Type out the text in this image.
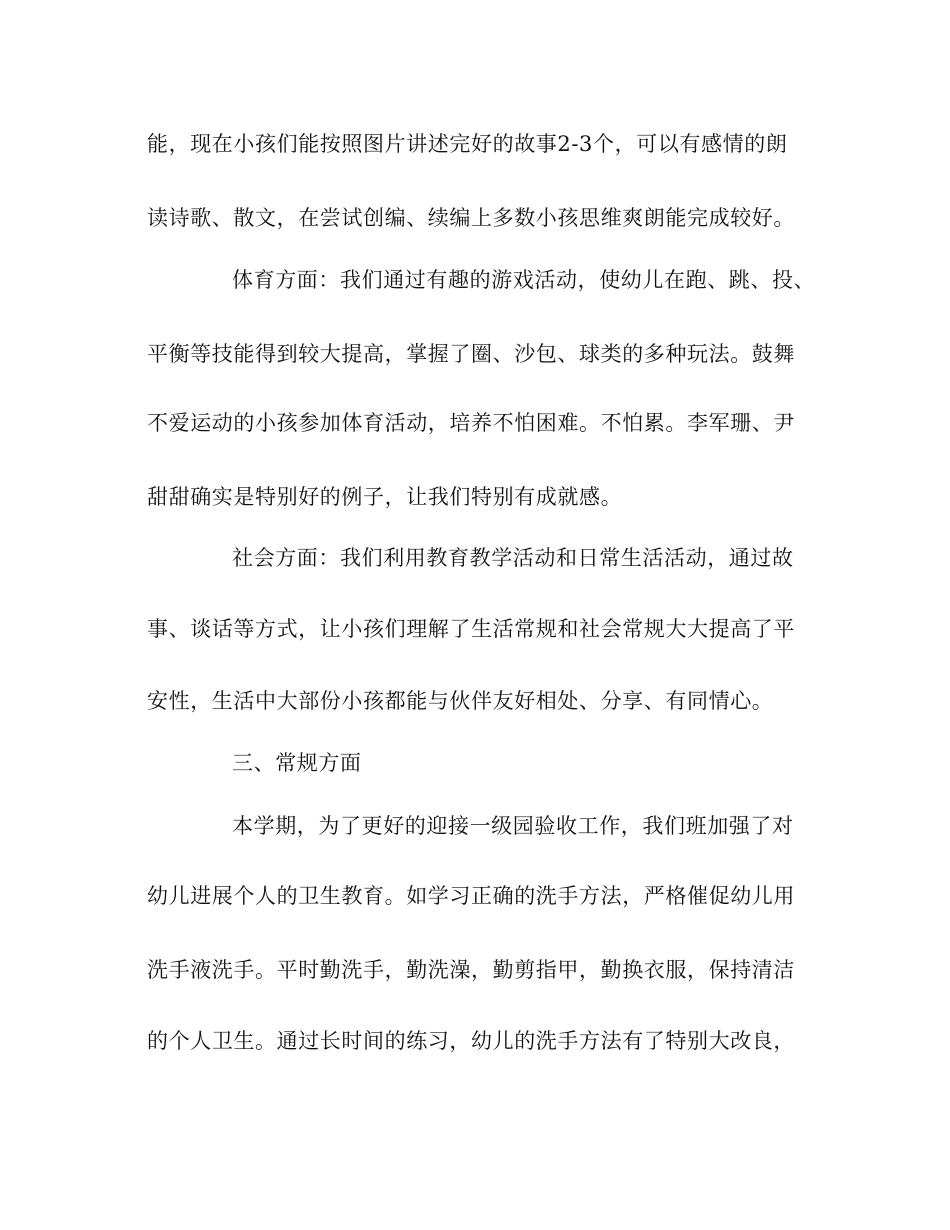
能，现在小孩们能按照图片讲述完好的故事2-3个，可以有感情的朗

读诗歌、散文，在尝试创编、续编上多数小孩思维爽朗能完成较好。

体育方面：我们通过有趣的游戏活动，使幼儿在跑、跳、投、

平衡等技能得到较大提高，掌握了圈、沙包、球类的多种玩法。鼓舞

不爱运动的小孩参加体育活动，培养不怕困难。不怕累。李军珊、尹

甜甜确实是特别好的例子，让我们特别有成就感。

社会方面：我们利用教育教学活动和日常生活活动，通过故

事、谈话等方式，让小孩们理解了生活常规和社会常规大大提高了平

安性，生活中大部份小孩都能与伙伴友好相处、分享、有同情心。

三、常规方面

本学期，为了更好的迎接一级园验收工作，我们班加强了对

幼儿进展个人的卫生教育。如学习正确的洗手方法，严格催促幼儿用

洗手液洗手。平时勤洗手，勤洗澡，勤剪指甲，勤换衣服，保持清洁

的个人卫生。通过长时间的练习，幼儿的洗手方法有了特别大改良，
